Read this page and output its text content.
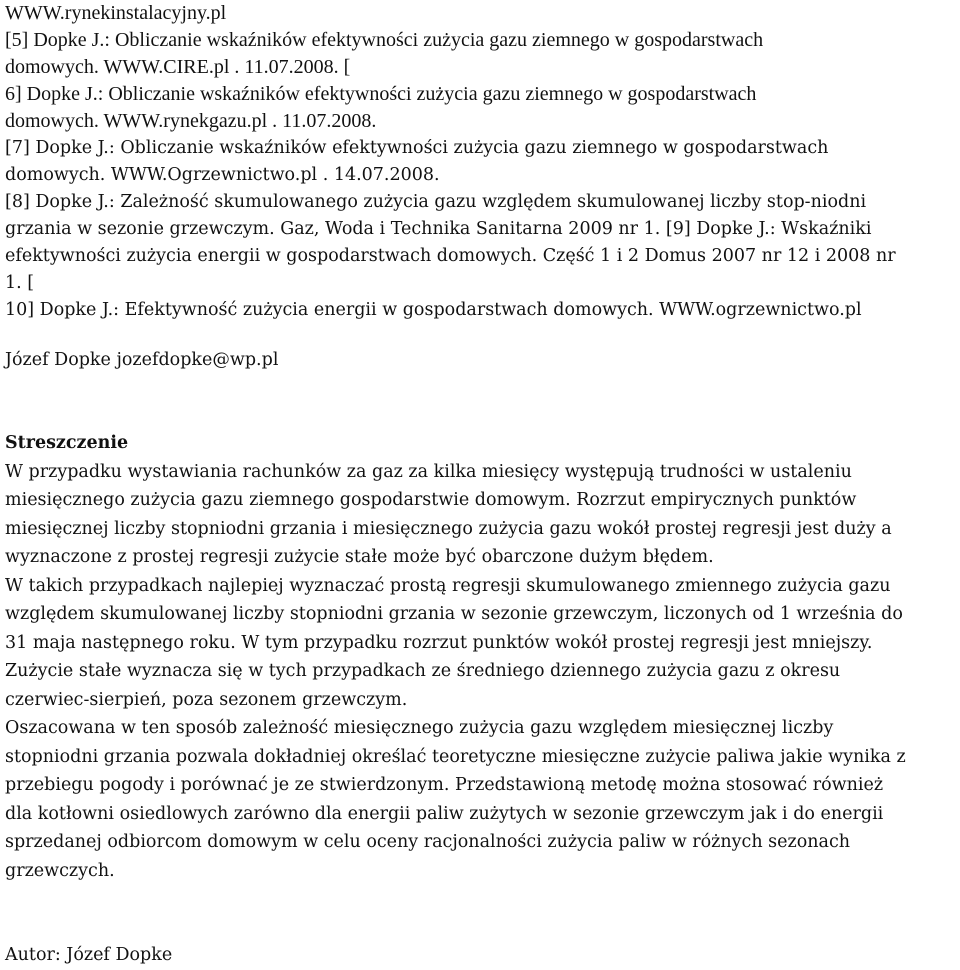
WWW.rynekinstalacyjny.pl
[5] Dopke J.: Obliczanie wskaźników efektywności zużycia gazu ziemnego w gospodarstwach
domowych. WWW.CIRE.pl . 11.07.2008. [
6] Dopke J.: Obliczanie wskaźników efektywności zużycia gazu ziemnego w gospodarstwach
domowych. WWW.rynekgazu.pl . 11.07.2008.
[7] Dopke J.: Obliczanie wskaźników efektywności zużycia gazu ziemnego w gospodarstwach
domowych. WWW.Ogrzewnictwo.pl . 14.07.2008.
[8] Dopke J.: Zależność skumulowanego zużycia gazu względem skumulowanej liczby stop-niodni
grzania w sezonie grzewczym. Gaz, Woda i Technika Sanitarna 2009 nr 1. [9] Dopke J.: Wskaźniki
efektywności zużycia energii w gospodarstwach domowych. Część 1 i 2 Domus 2007 nr 12 i 2008 nr
1. [
10] Dopke J.: Efektywność zużycia energii w gospodarstwach domowych. WWW.ogrzewnictwo.pl
Józef Dopke jozefdopke@wp.pl
Streszczenie
W przypadku wystawiania rachunków za gaz za kilka miesięcy występują trudności w ustaleniu
miesięcznego zużycia gazu ziemnego gospodarstwie domowym. Rozrzut empirycznych punktów
miesięcznej liczby stopniodni grzania i miesięcznego zużycia gazu wokół prostej regresji jest duży a
wyznaczone z prostej regresji zużycie stałe może być obarczone dużym błędem.
W takich przypadkach najlepiej wyznaczać prostą regresji skumulowanego zmiennego zużycia gazu
względem skumulowanej liczby stopniodni grzania w sezonie grzewczym, liczonych od 1 września do
31 maja następnego roku. W tym przypadku rozrzut punktów wokół prostej regresji jest mniejszy.
Zużycie stałe wyznacza się w tych przypadkach ze średniego dziennego zużycia gazu z okresu
czerwiec-sierpień, poza sezonem grzewczym.
Oszacowana w ten sposób zależność miesięcznego zużycia gazu względem miesięcznej liczby
stopniodni grzania pozwala dokładniej określać teoretyczne miesięczne zużycie paliwa jakie wynika z
przebiegu pogody i porównać je ze stwierdzonym. Przedstawioną metodę można stosować również
dla kotłowni osiedlowych zarówno dla energii paliw zużytych w sezonie grzewczym jak i do energii
sprzedanej odbiorcom domowym w celu oceny racjonalności zużycia paliw w różnych sezonach
grzewczych.
Autor: Józef Dopke
